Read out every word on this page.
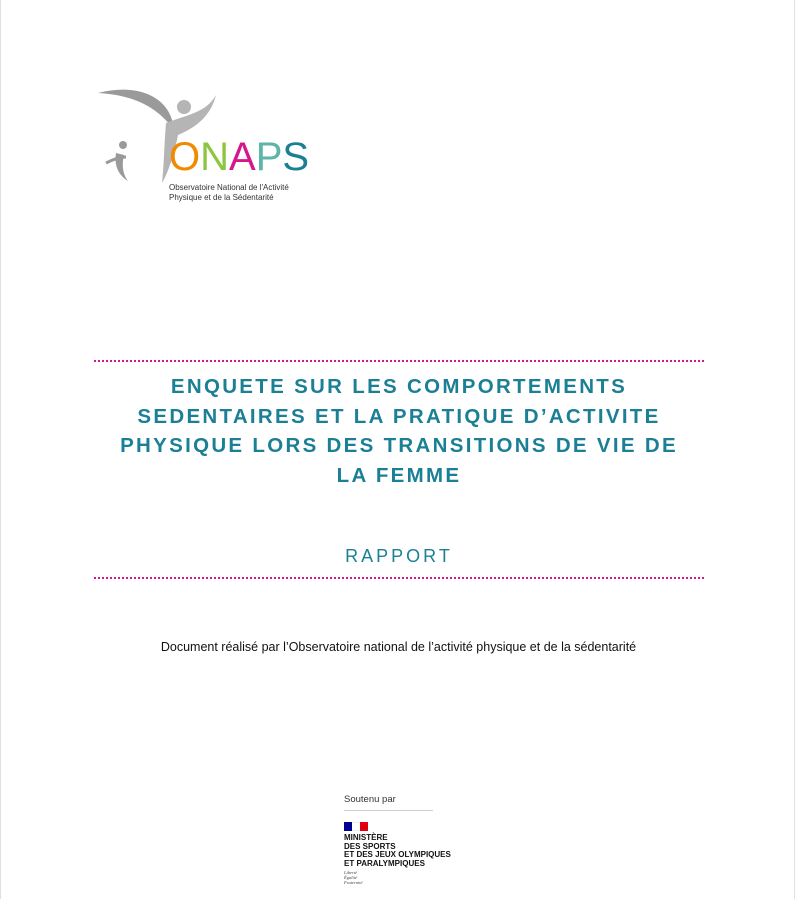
ONAPS
Observatoire National de l'Activité
Physique et de la Sédentarité
ENQUETE SUR LES COMPORTEMENTS
SEDENTAIRES ET LA PRATIQUE D’ACTIVITE
PHYSIQUE LORS DES TRANSITIONS DE VIE DE
LA FEMME
RAPPORT
Document réalisé par l’Observatoire national de l’activité physique et de la sédentarité
Soutenu par
MINISTÈRE
DES SPORTS
ET DES JEUX OLYMPIQUES
ET PARALYMPIQUES
Liberté
Égalité
Fraternité
